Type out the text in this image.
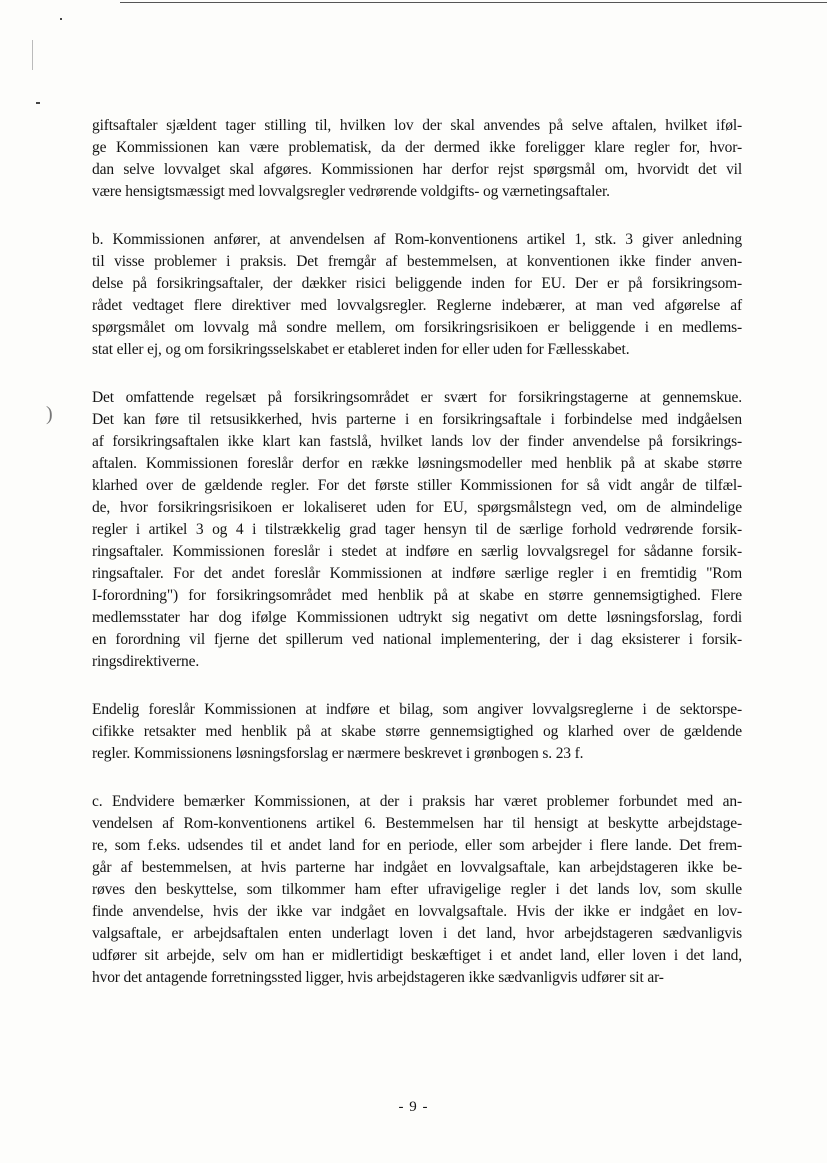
)
giftsaftaler sjældent tager stilling til, hvilken lov der skal anvendes på selve aftalen, hvilket iføl-
ge Kommissionen kan være problematisk, da der dermed ikke foreligger klare regler for, hvor-
dan selve lovvalget skal afgøres. Kommissionen har derfor rejst spørgsmål om, hvorvidt det vil
være hensigtsmæssigt med lovvalgsregler vedrørende voldgifts- og værnetingsaftaler.
b. Kommissionen anfører, at anvendelsen af Rom-konventionens artikel 1, stk. 3 giver anledning
til visse problemer i praksis. Det fremgår af bestemmelsen, at konventionen ikke finder anven-
delse på forsikringsaftaler, der dækker risici beliggende inden for EU. Der er på forsikringsom-
rådet vedtaget flere direktiver med lovvalgsregler. Reglerne indebærer, at man ved afgørelse af
spørgsmålet om lovvalg må sondre mellem, om forsikringsrisikoen er beliggende i en medlems-
stat eller ej, og om forsikringsselskabet er etableret inden for eller uden for Fællesskabet.
Det omfattende regelsæt på forsikringsområdet er svært for forsikringstagerne at gennemskue.
Det kan føre til retsusikkerhed, hvis parterne i en forsikringsaftale i forbindelse med indgåelsen
af forsikringsaftalen ikke klart kan fastslå, hvilket lands lov der finder anvendelse på forsikrings-
aftalen. Kommissionen foreslår derfor en række løsningsmodeller med henblik på at skabe større
klarhed over de gældende regler. For det første stiller Kommissionen for så vidt angår de tilfæl-
de, hvor forsikringsrisikoen er lokaliseret uden for EU, spørgsmålstegn ved, om de almindelige
regler i artikel 3 og 4 i tilstrækkelig grad tager hensyn til de særlige forhold vedrørende forsik-
ringsaftaler. Kommissionen foreslår i stedet at indføre en særlig lovvalgsregel for sådanne forsik-
ringsaftaler. For det andet foreslår Kommissionen at indføre særlige regler i en fremtidig "Rom
I-forordning") for forsikringsområdet med henblik på at skabe en større gennemsigtighed. Flere
medlemsstater har dog ifølge Kommissionen udtrykt sig negativt om dette løsningsforslag, fordi
en forordning vil fjerne det spillerum ved national implementering, der i dag eksisterer i forsik-
ringsdirektiverne.
Endelig foreslår Kommissionen at indføre et bilag, som angiver lovvalgsreglerne i de sektorspe-
cifikke retsakter med henblik på at skabe større gennemsigtighed og klarhed over de gældende
regler. Kommissionens løsningsforslag er nærmere beskrevet i grønbogen s. 23 f.
c. Endvidere bemærker Kommissionen, at der i praksis har været problemer forbundet med an-
vendelsen af Rom-konventionens artikel 6. Bestemmelsen har til hensigt at beskytte arbejdstage-
re, som f.eks. udsendes til et andet land for en periode, eller som arbejder i flere lande. Det frem-
går af bestemmelsen, at hvis parterne har indgået en lovvalgsaftale, kan arbejdstageren ikke be-
røves den beskyttelse, som tilkommer ham efter ufravigelige regler i det lands lov, som skulle
finde anvendelse, hvis der ikke var indgået en lovvalgsaftale. Hvis der ikke er indgået en lov-
valgsaftale, er arbejdsaftalen enten underlagt loven i det land, hvor arbejdstageren sædvanligvis
udfører sit arbejde, selv om han er midlertidigt beskæftiget i et andet land, eller loven i det land,
hvor det antagende forretningssted ligger, hvis arbejdstageren ikke sædvanligvis udfører sit ar-
- 9 -
